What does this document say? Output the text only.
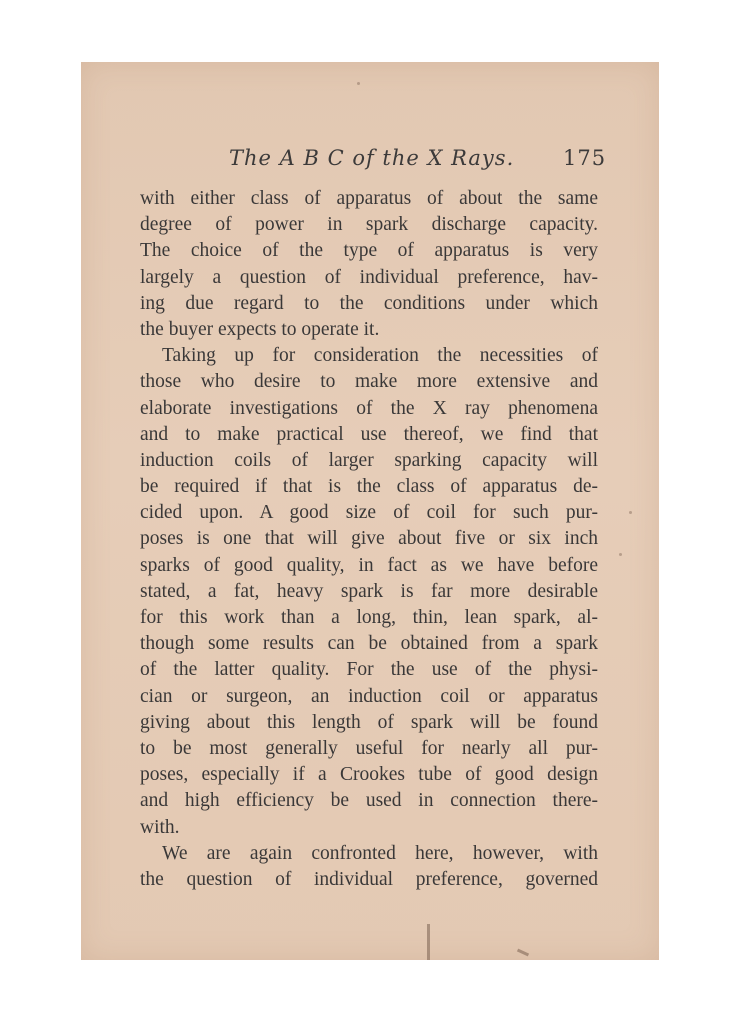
The A B C of the X Rays. 175
with either class of apparatus of about the same
degree of power in spark discharge capacity.
The choice of the type of apparatus is very
largely a question of individual preference, hav-
ing due regard to the conditions under which
the buyer expects to operate it.
Taking up for consideration the necessities of
those who desire to make more extensive and
elaborate investigations of the X ray phenomena
and to make practical use thereof, we find that
induction coils of larger sparking capacity will
be required if that is the class of apparatus de-
cided upon. A good size of coil for such pur-
poses is one that will give about five or six inch
sparks of good quality, in fact as we have before
stated, a fat, heavy spark is far more desirable
for this work than a long, thin, lean spark, al-
though some results can be obtained from a spark
of the latter quality. For the use of the physi-
cian or surgeon, an induction coil or apparatus
giving about this length of spark will be found
to be most generally useful for nearly all pur-
poses, especially if a Crookes tube of good design
and high efficiency be used in connection there-
with.
We are again confronted here, however, with
the question of individual preference, governed
